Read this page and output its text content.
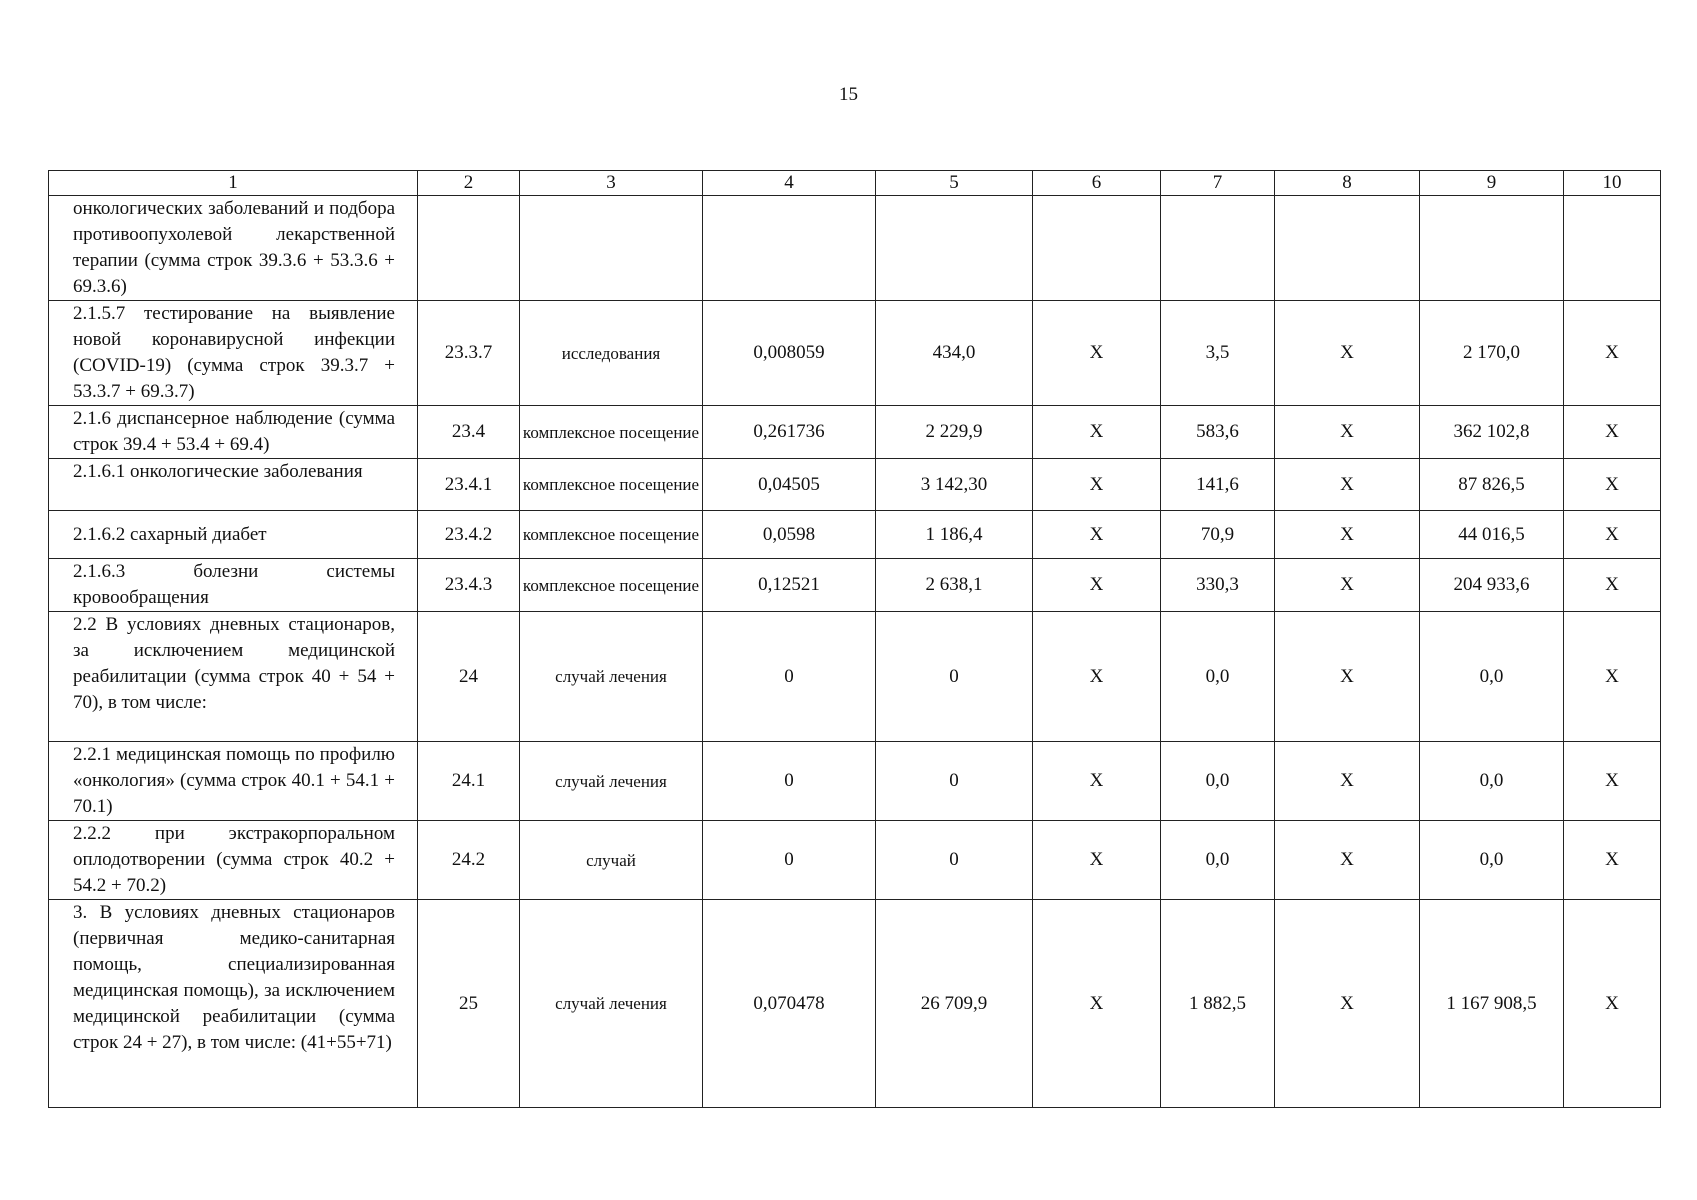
15
1	2	3	4	5	6	7	8	9	10
онкологических заболеваний и подбора противоопухолевой лекарственной терапии (сумма строк 39.3.6 + 53.3.6 + 69.3.6)									
2.1.5.7 тестирование на выявление новой коронавирусной инфекции (COVID-19) (сумма строк 39.3.7 + 53.3.7 + 69.3.7)	23.3.7	исследования	0,008059	434,0	X	3,5	X	2 170,0	X
2.1.6 диспансерное наблюдение (сумма строк 39.4 + 53.4 + 69.4)	23.4	комплексное посещение	0,261736	2 229,9	X	583,6	X	362 102,8	X
2.1.6.1 онкологические заболевания	23.4.1	комплексное посещение	0,04505	3 142,30	X	141,6	X	87 826,5	X
2.1.6.2 сахарный диабет	23.4.2	комплексное посещение	0,0598	1 186,4	X	70,9	X	44 016,5	X
2.1.6.3 болезни системы кровообращения	23.4.3	комплексное посещение	0,12521	2 638,1	X	330,3	X	204 933,6	X
2.2 В условиях дневных стационаров, за исключением медицинской реабилитации (сумма строк 40 + 54 + 70), в том числе:	24	случай лечения	0	0	X	0,0	X	0,0	X
2.2.1 медицинская помощь по профилю «онкология» (сумма строк 40.1 + 54.1 + 70.1)	24.1	случай лечения	0	0	X	0,0	X	0,0	X
2.2.2 при экстракорпоральном оплодотворении (сумма строк 40.2 + 54.2 + 70.2)	24.2	случай	0	0	X	0,0	X	0,0	X
3. В условиях дневных стационаров (первичная медико-санитарная помощь, специализированная медицинская помощь), за исключением медицинской реабилитации (сумма строк 24 + 27), в том числе: (41+55+71)	25	случай лечения	0,070478	26 709,9	X	1 882,5	X	1 167 908,5	X
